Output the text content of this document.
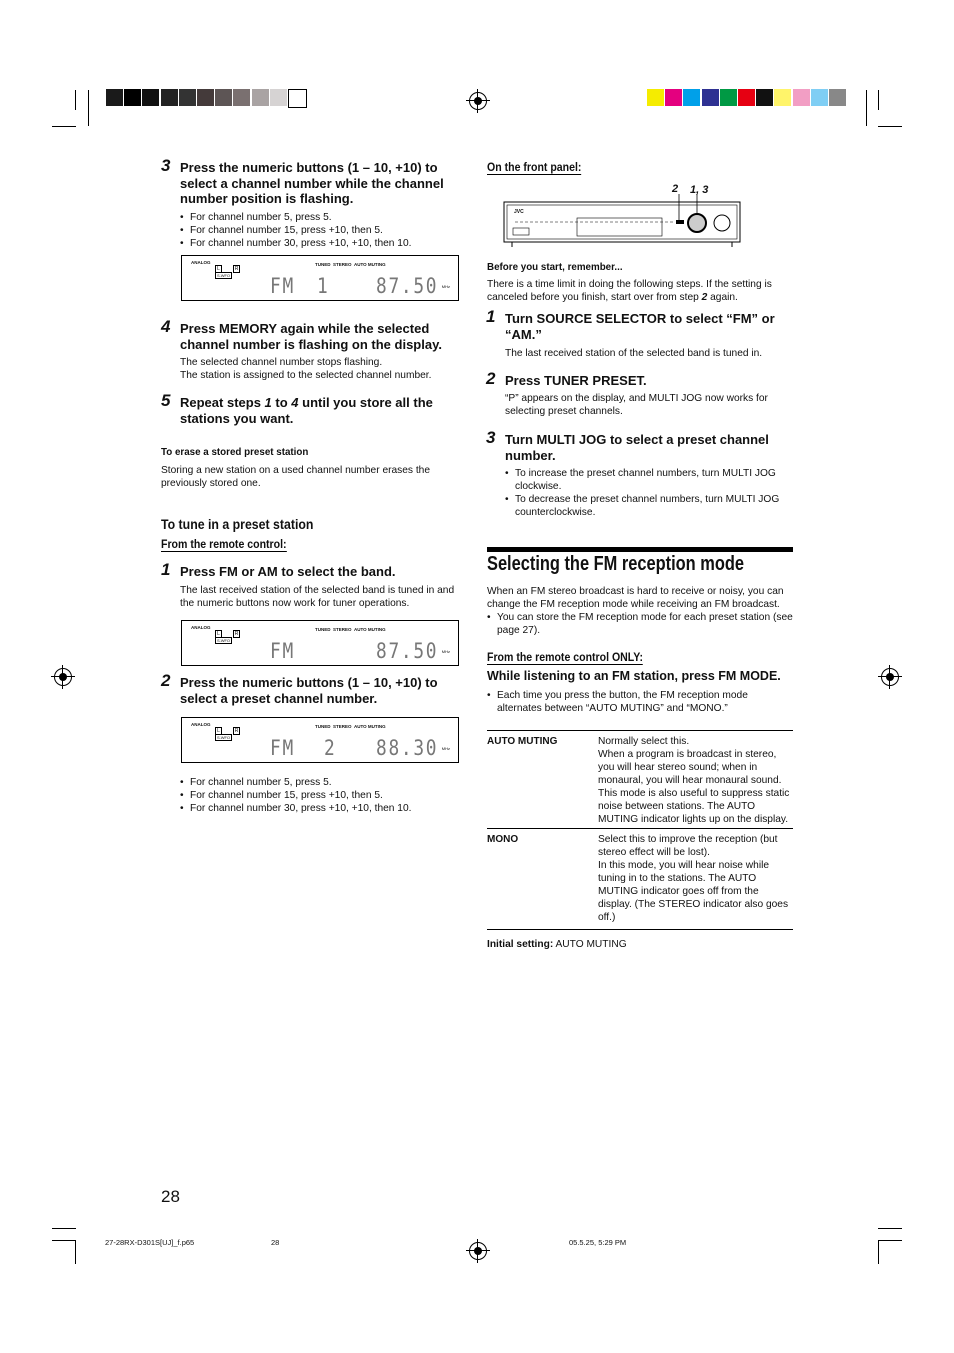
3 Press the numeric buttons (1 – 10, +10) to select a channel number while the channel number position is flashing.
• For channel number 5, press 5.
• For channel number 15, press +10, then 5.
• For channel number 30, press +10, +10, then 10.
ANALOG
L	R
S.WFO
TUNED STEREO AUTO MUTING
FM 1 87.50 MHz
4 Press MEMORY again while the selected channel number is flashing on the display.
The selected channel number stops flashing.
The station is assigned to the selected channel number.
5 Repeat steps 1 to 4 until you store all the stations you want.
To erase a stored preset station
Storing a new station on a used channel number erases the previously stored one.
To tune in a preset station
From the remote control:
1 Press FM or AM to select the band.
The last received station of the selected band is tuned in and the numeric buttons now work for tuner operations.
ANALOG
L	R
S.WFO
TUNED STEREO AUTO MUTING
FM	87.50 MHz
2 Press the numeric buttons (1 – 10, +10) to select a preset channel number.
ANALOG
L	R
S.WFO
TUNED STEREO AUTO MUTING
FM 2 88.30 MHz
• For channel number 5, press 5.
• For channel number 15, press +10, then 5.
• For channel number 30, press +10, +10, then 10.
On the front panel:
2 1, 3
JVC
Before you start, remember...
There is a time limit in doing the following steps. If the setting is canceled before you finish, start over from step 2 again.
1 Turn SOURCE SELECTOR to select “FM” or “AM.”
The last received station of the selected band is tuned in.
2 Press TUNER PRESET.
“P” appears on the display, and MULTI JOG now works for selecting preset channels.
3 Turn MULTI JOG to select a preset channel number.
• To increase the preset channel numbers, turn MULTI JOG clockwise.
• To decrease the preset channel numbers, turn MULTI JOG counterclockwise.
Selecting the FM reception mode
When an FM stereo broadcast is hard to receive or noisy, you can change the FM reception mode while receiving an FM broadcast.
• You can store the FM reception mode for each preset station (see page 27).
From the remote control ONLY:
While listening to an FM station, press FM MODE.
• Each time you press the button, the FM reception mode alternates between “AUTO MUTING” and “MONO.”
AUTO MUTING	Normally select this.
When a program is broadcast in stereo, you will hear stereo sound; when in monaural, you will hear monaural sound. This mode is also useful to suppress static noise between stations. The AUTO MUTING indicator lights up on the display.
MONO	Select this to improve the reception (but stereo effect will be lost).
In this mode, you will hear noise while tuning in to the stations. The AUTO MUTING indicator goes off from the display. (The STEREO indicator also goes off.)
Initial setting: AUTO MUTING
28
27-28RX-D301S[UJ]_f.p65	28	05.5.25, 5:29 PM
